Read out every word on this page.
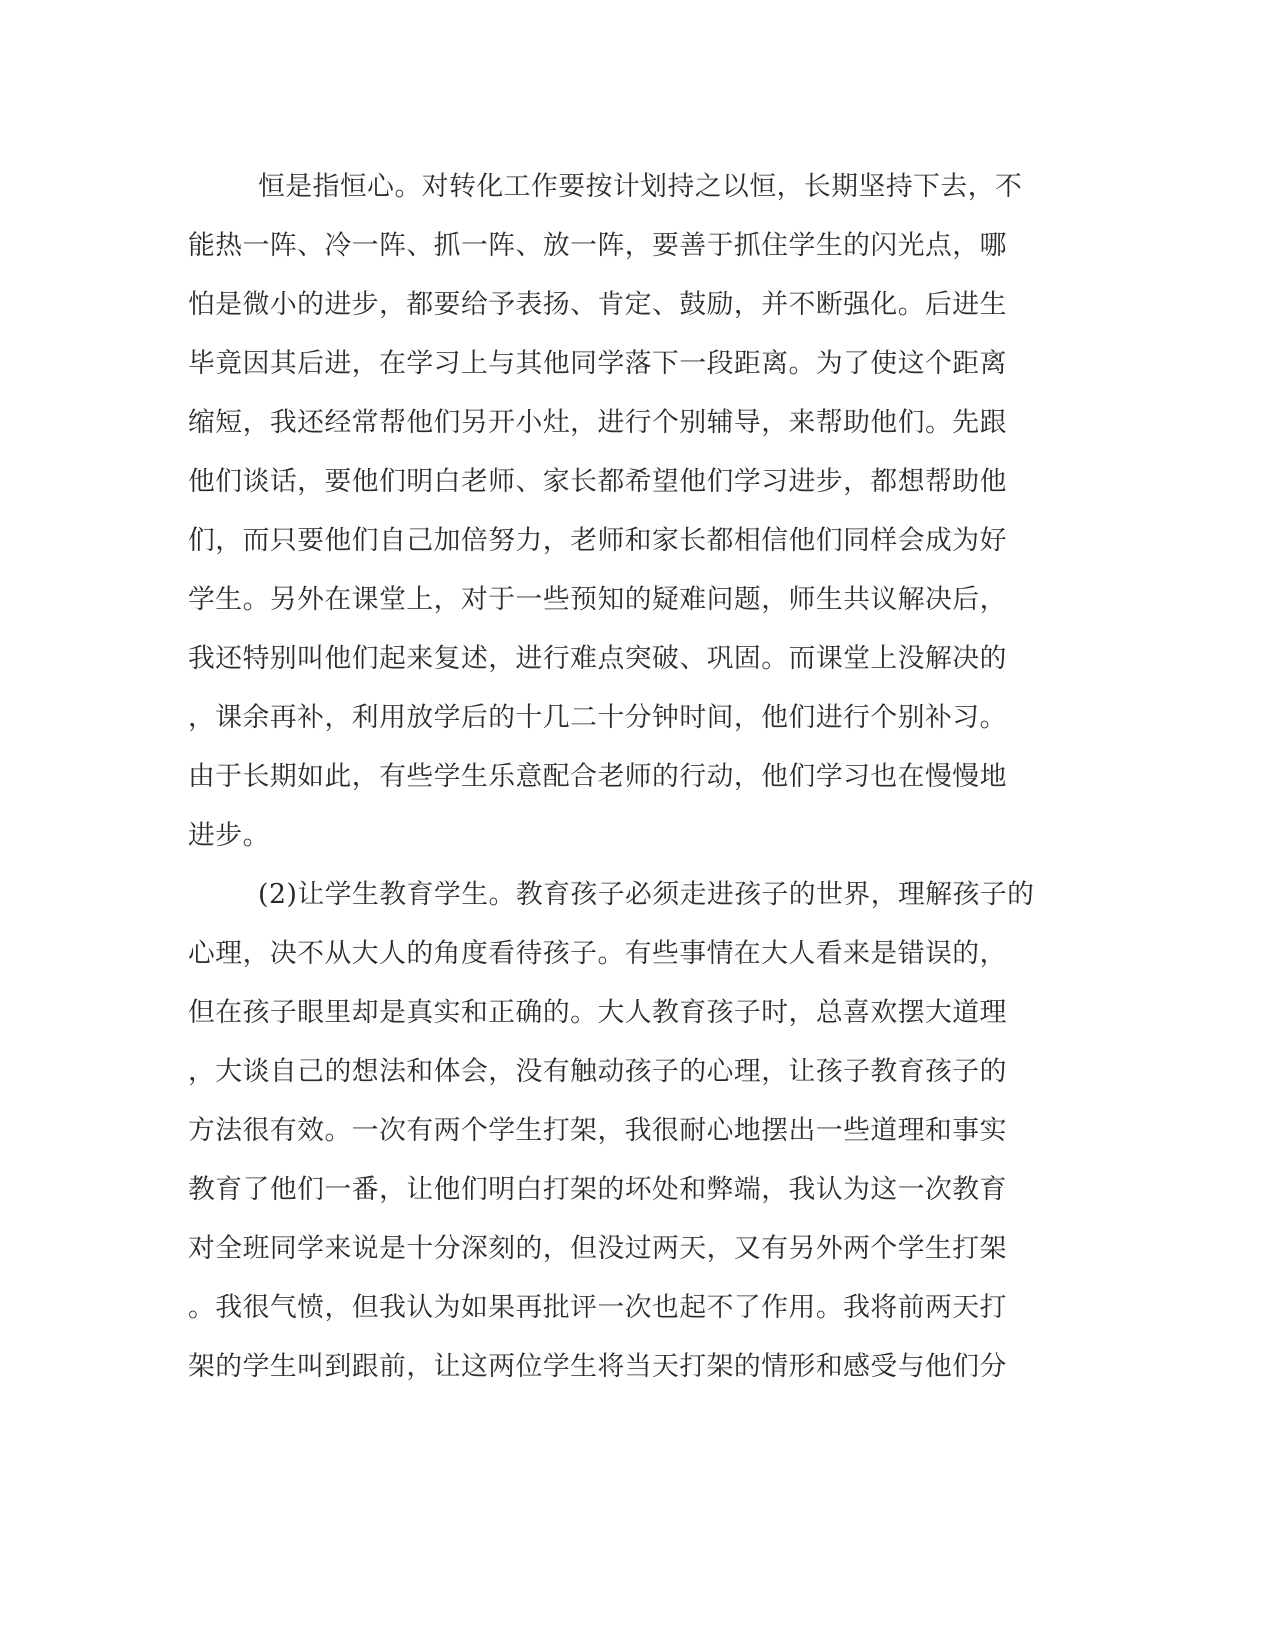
恒是指恒心。对转化工作要按计划持之以恒，长期坚持下去，不
能热一阵、冷一阵、抓一阵、放一阵，要善于抓住学生的闪光点，哪
怕是微小的进步，都要给予表扬、肯定、鼓励，并不断强化。后进生
毕竟因其后进，在学习上与其他同学落下一段距离。为了使这个距离
缩短，我还经常帮他们另开小灶，进行个别辅导，来帮助他们。先跟
他们谈话，要他们明白老师、家长都希望他们学习进步，都想帮助他
们，而只要他们自己加倍努力，老师和家长都相信他们同样会成为好
学生。另外在课堂上，对于一些预知的疑难问题，师生共议解决后，
我还特别叫他们起来复述，进行难点突破、巩固。而课堂上没解决的
，课余再补，利用放学后的十几二十分钟时间，他们进行个别补习。
由于长期如此，有些学生乐意配合老师的行动，他们学习也在慢慢地
进步。
(2)让学生教育学生。教育孩子必须走进孩子的世界，理解孩子的
心理，决不从大人的角度看待孩子。有些事情在大人看来是错误的，
但在孩子眼里却是真实和正确的。大人教育孩子时，总喜欢摆大道理
，大谈自己的想法和体会，没有触动孩子的心理，让孩子教育孩子的
方法很有效。一次有两个学生打架，我很耐心地摆出一些道理和事实
教育了他们一番，让他们明白打架的坏处和弊端，我认为这一次教育
对全班同学来说是十分深刻的，但没过两天，又有另外两个学生打架
。我很气愤，但我认为如果再批评一次也起不了作用。我将前两天打
架的学生叫到跟前，让这两位学生将当天打架的情形和感受与他们分
